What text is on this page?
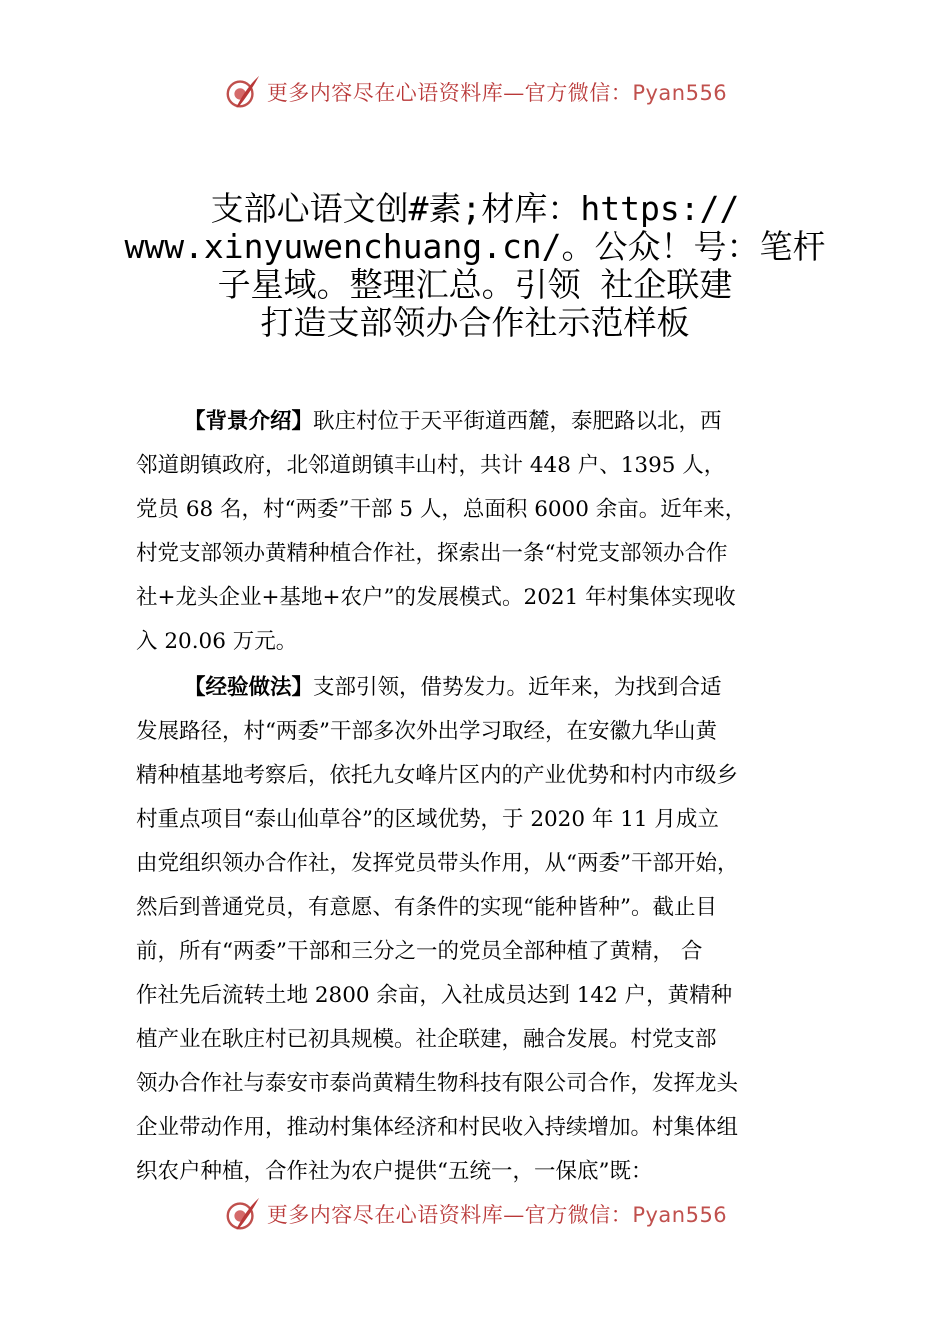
更多内容尽在心语资料库—官方微信：Pyan556
支部心语文创#素;材库：https://
www.xinyuwenchuang.cn/。公众！号：笔杆
子星域。整理汇总。引领 社企联建
打造支部领办合作社示范样板
【背景介绍】耿庄村位于天平街道西麓，泰肥路以北，西
邻道朗镇政府，北邻道朗镇丰山村，共计 448 户、1395 人，
党员 68 名，村“两委”干部 5 人，总面积 6000 余亩。近年来，
村党支部领办黄精种植合作社，探索出一条“村党支部领办合作
社+龙头企业+基地+农户”的发展模式。2021 年村集体实现收
入 20.06 万元。
【经验做法】支部引领，借势发力。近年来，为找到合适
发展路径，村“两委”干部多次外出学习取经，在安徽九华山黄
精种植基地考察后，依托九女峰片区内的产业优势和村内市级乡
村重点项目“泰山仙草谷”的区域优势，于 2020 年 11 月成立
由党组织领办合作社，发挥党员带头作用，从“两委”干部开始，
然后到普通党员，有意愿、有条件的实现“能种皆种”。截止目
前，所有“两委”干部和三分之一的党员全部种植了黄精， 合
作社先后流转土地 2800 余亩，入社成员达到 142 户，黄精种
植产业在耿庄村已初具规模。社企联建，融合发展。村党支部
领办合作社与泰安市泰尚黄精生物科技有限公司合作，发挥龙头
企业带动作用，推动村集体经济和村民收入持续增加。村集体组
织农户种植，合作社为农户提供“五统一，一保底”既：
更多内容尽在心语资料库—官方微信：Pyan556
